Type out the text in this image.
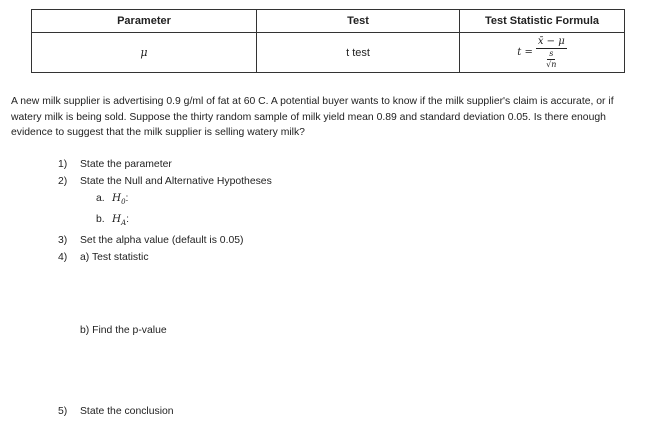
Parameter	Test	Test Statistic Formula
μ	t test	t = x̄ − μ
s
√n
A new milk supplier is advertising 0.9 g/ml of fat at 60 C. A potential buyer wants to know if the milk supplier's claim is accurate, or if watery milk is being sold. Suppose the thirty random sample of milk yield mean 0.89 and standard deviation 0.05. Is there enough evidence to suggest that the milk supplier is selling watery milk?
1) State the parameter
2) State the Null and Alternative Hypotheses
a. $H_0$:
b. $H_A$:
3) Set the alpha value (default is 0.05)
4) a) Test statistic
b) Find the p-value
5) State the conclusion
